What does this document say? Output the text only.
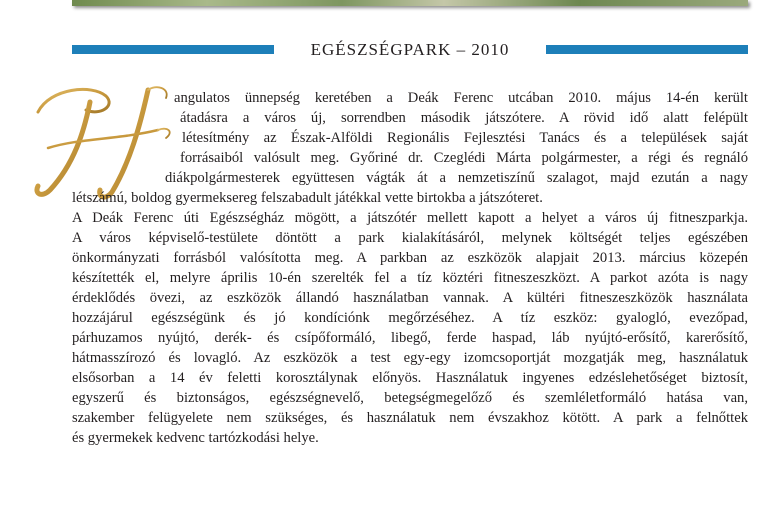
EGÉSZSÉGPARK – 2010
H
angulatos ünnepség keretében a Deák Ferenc utcában 2010. május 14-én került
átadásra a város új, sorrendben második játszótere. A rövid idő alatt felépült
létesítmény az Észak-Alföldi Regionális Fejlesztési Tanács és a települések saját
forrásaiból valósult meg. Győriné dr. Czeglédi Márta polgármester, a régi és regnáló
diákpolgármesterek együttesen vágták át a nemzetiszínű szalagot, majd ezután a nagy
létszámú, boldog gyermeksereg felszabadult játékkal vette birtokba a játszóteret.
A Deák Ferenc úti Egészségház mögött, a játszótér mellett kapott a helyet a város új fitneszparkja.
A város képviselő-testülete döntött a park kialakításáról, melynek költségét teljes egészében
önkormányzati forrásból valósította meg. A parkban az eszközök alapjait 2013. március közepén
készítették el, melyre április 10-én szerelték fel a tíz köztéri fitneszeszközt. A parkot azóta is nagy
érdeklődés övezi, az eszközök állandó használatban vannak. A kültéri fitneszeszközök használata
hozzájárul egészségünk és jó kondíciónk megőrzéséhez. A tíz eszköz: gyalogló, evezőpad,
párhuzamos nyújtó, derék- és csípőformáló, libegő, ferde haspad, láb nyújtó-erősítő, karerősítő,
hátmasszírozó és lovagló. Az eszközök a test egy-egy izomcsoportját mozgatják meg, használatuk
elsősorban a 14 év feletti korosztálynak előnyös. Használatuk ingyenes edzéslehetőséget biztosít,
egyszerű és biztonságos, egészségnevelő, betegségmegelőző és szemléletformáló hatása van,
szakember felügyelete nem szükséges, és használatuk nem évszakhoz kötött. A park a felnőttek
és gyermekek kedvenc tartózkodási helye.
